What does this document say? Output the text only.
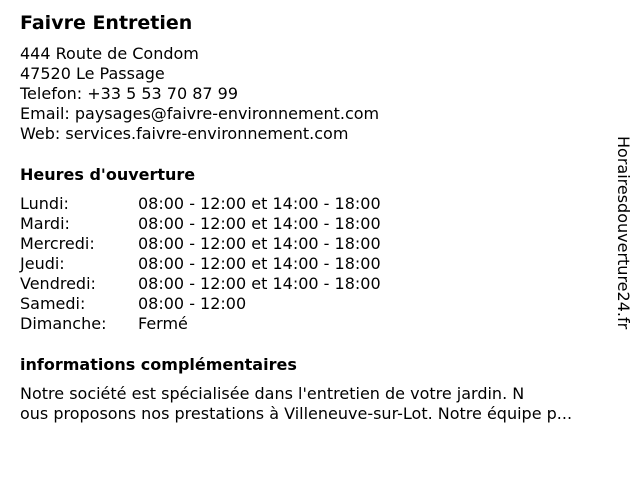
Faivre Entretien
444 Route de Condom
47520 Le Passage
Telefon: +33 5 53 70 87 99
Email: paysages@faivre-environnement.com
Web: services.faivre-environnement.com
Heures d'ouverture
Lundi:	08:00 - 12:00 et 14:00 - 18:00
Mardi:	08:00 - 12:00 et 14:00 - 18:00
Mercredi:	08:00 - 12:00 et 14:00 - 18:00
Jeudi:	08:00 - 12:00 et 14:00 - 18:00
Vendredi:	08:00 - 12:00 et 14:00 - 18:00
Samedi:	08:00 - 12:00
Dimanche:	Fermé
informations complémentaires
Notre société est spécialisée dans l'entretien de votre jardin. N
ous proposons nos prestations à Villeneuve-sur-Lot. Notre équipe p...
Horairesdouverture24.fr
